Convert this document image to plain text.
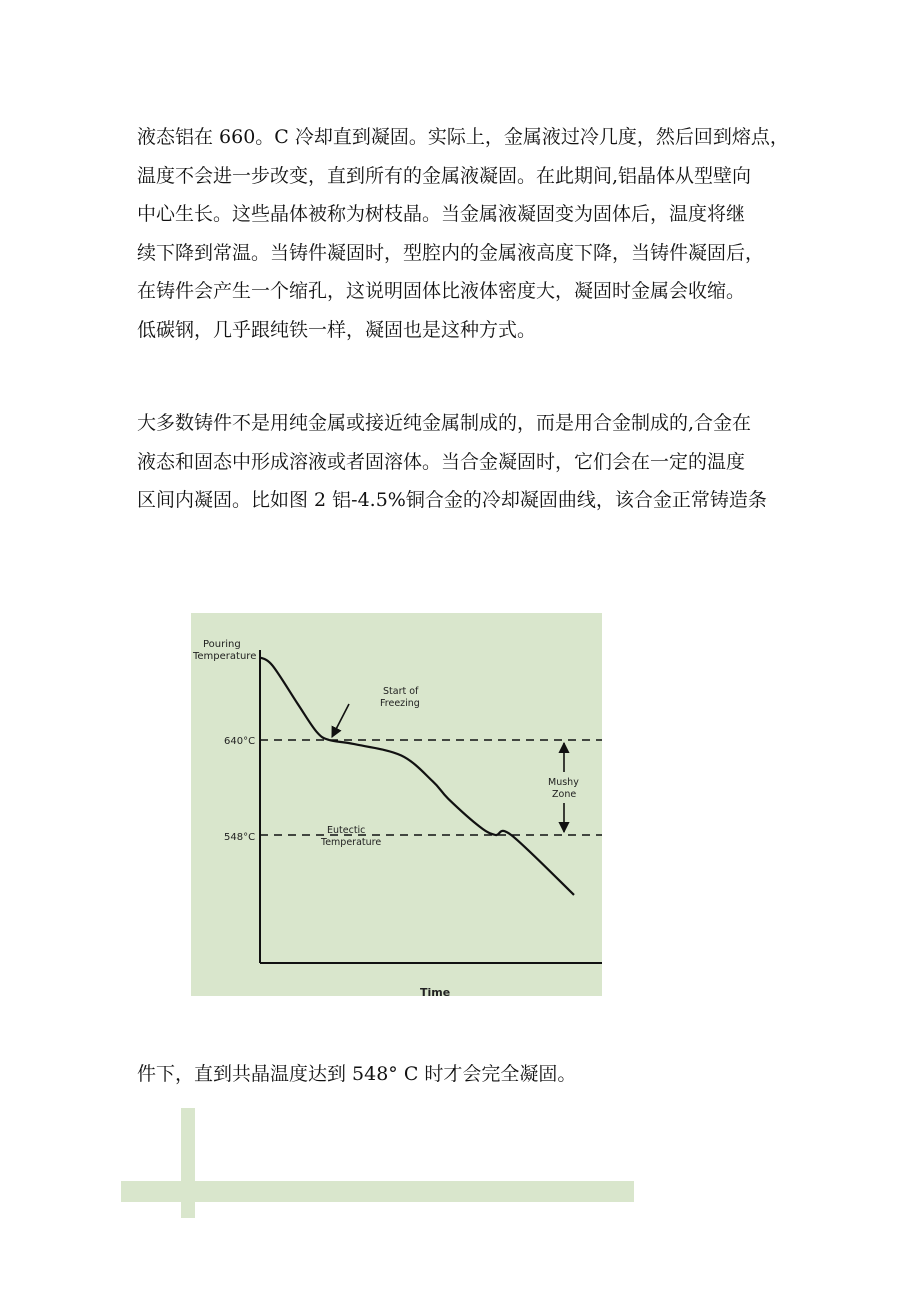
液态铝在 660。C 冷却直到凝固。实际上，金属液过冷几度，然后回到熔点，
温度不会进一步改变，直到所有的金属液凝固。在此期间,铝晶体从型壁向
中心生长。这些晶体被称为树枝晶。当金属液凝固变为固体后，温度将继
续下降到常温。当铸件凝固时，型腔内的金属液高度下降，当铸件凝固后，
在铸件会产生一个缩孔，这说明固体比液体密度大，凝固时金属会收缩。
低碳钢，几乎跟纯铁一样，凝固也是这种方式。

大多数铸件不是用纯金属或接近纯金属制成的，而是用合金制成的,合金在
液态和固态中形成溶液或者固溶体。当合金凝固时，它们会在一定的温度
区间内凝固。比如图 2 铝-4.5%铜合金的冷却凝固曲线，该合金正常铸造条

Pouring
Temperature
Start of
Freezing
640°C
548°C
Eutectic
Temperature
Mushy
Zone
Time

件下，直到共晶温度达到 548° C 时才会完全凝固。
